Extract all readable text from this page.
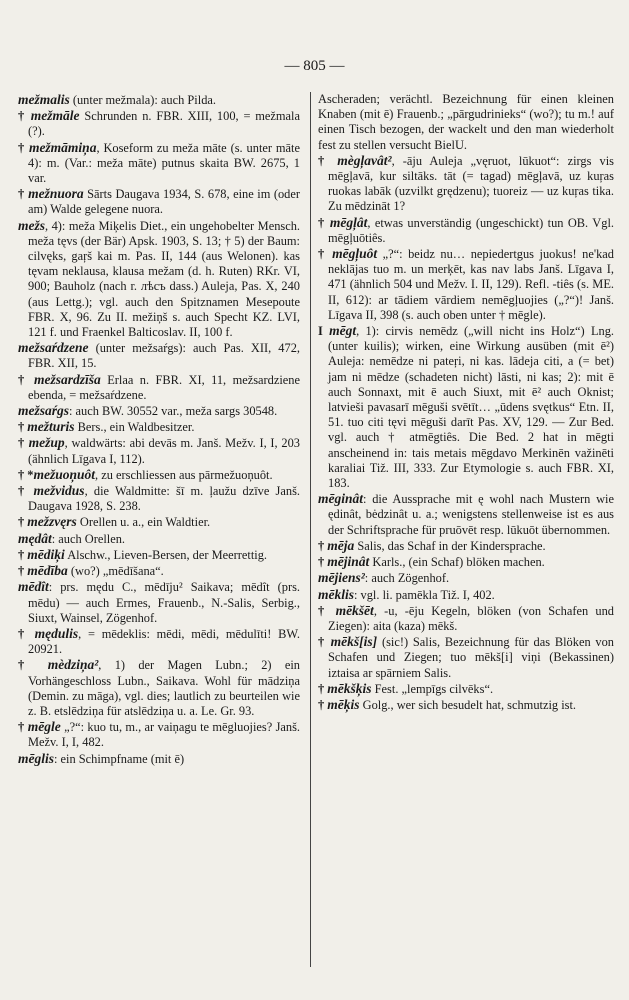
— 805 —

mežmalis (unter mežmala): auch Pilda.

† mežmāle Schrunden n. FBR. XIII, 100, = mežmala (?).

† mežmāmiņa, Koseform zu meža māte (s. unter māte 4): m. (Var.: meža māte) putnus skaita BW. 2675, 1 var.

† mežnuora Sārts Daugava 1934, S. 678, eine im (oder am) Walde gelegene nuora.

mežs, 4): meža Miķelis Diet., ein ungehobelter Mensch. meža tęvs (der Bär) Apsk. 1903, S. 13; † 5) der Baum: cilvęks, gaŗš kai m. Pas. II, 144 (aus Welonen). kas tęvam neklausa, klausa mežam (d. h. Ruten) RKr. VI, 900; Bauholz (nach r. лѣсъ dass.) Auleja, Pas. X, 240 (aus Lettg.); vgl. auch den Spitznamen Mesepoute FBR. X, 96. Zu II. mežiņš s. auch Specht KZ. LVI, 121 f. und Fraenkel Balticoslav. II, 100 f.

mežsaŕdzene (unter mežsaŕgs): auch Pas. XII, 472, FBR. XII, 15.

† mežsardzīša Erlaa n. FBR. XI, 11, mežsardziene ebenda, = mežsaŕdzene.

mežsaŕgs: auch BW. 30552 var., meža sargs 30548.

† mežturis Bers., ein Waldbesitzer.

† mežup, waldwärts: abi devās m. Janš. Mežv. I, I, 203 (ähnlich Līgava I, 112).

† *mežuoņuôt, zu erschliessen aus pārmežuoņuôt.

† mežvidus, die Waldmitte: šī m. ļaužu dzīve Janš. Daugava 1928, S. 238.

† mežzvęrs Orellen u. a., ein Waldtier.

mędât: auch Orellen.

† mēdiķi Alschw., Lieven-Bersen, der Meerrettig.

† mēdība (wo?) „mēdīšana“.

mēdît: prs. mędu C., mēdīju² Saikava; mēdît (prs. mēdu) — auch Ermes, Frauenb., N.-Salis, Serbig., Siuxt, Wainsel, Zögenhof.

† mędulis, = mēdeklis: mēdi, mēdi, mēdulīti! BW. 20921.

† mèdziņa², 1) der Magen Lubn.; 2) ein Vorhängeschloss Lubn., Saikava. Wohl für mādziņa (Demin. zu māga), vgl. dies; lautlich zu beurteilen wie z. B. etslēdziņa für atslēdziņa u. a. Le. Gr. 93.

† mēgle „?“: kuo tu, m., ar vaiņagu te mēgluojies? Janš. Mežv. I, I, 482.

mēglis: ein Schimpfname (mit ē)

Ascheraden; verächtl. Bezeichnung für einen kleinen Knaben (mit ē) Frauenb.; „pārgudrinieks“ (wo?); tu m.! auf einen Tisch bezogen, der wackelt und den man wiederholt fest zu stellen versucht BielU.

† mègļavât², -āju Auleja „vęruot, lūkuot“: zirgs vis mēgļavā, kur siltāks. tāt (= tagad) mēgļavā, uz kuŗas ruokas labāk (uzvilkt grędzenu); tuoreiz — uz kuŗas tika. Zu mēdzināt 1?

† mēgļât, etwas unverständig (ungeschickt) tun OB. Vgl. mēgļuōtiês.

† mēgļuôt „?“: beidz nu… nepiedertgus juokus! ne'kad neklājas tuo m. un merķēt, kas nav labs Janš. Līgava I, 471 (ähnlich 504 und Mežv. I. II, 129). Refl. -tiês (s. ME. II, 612): ar tādiem vārdiem nemēgļuojies („?“)! Janš. Līgava II, 398 (s. auch oben unter † mēgle).

I mēgt, 1): cirvis nemēdz („will nicht ins Holz“) Lng. (unter kuilis); wirken, eine Wirkung ausüben (mit ē²) Auleja: nemēdze ni pateŗi, ni kas. lādeja citi, a (= bet) jam ni mēdze (schadeten nicht) lāsti, ni kas; 2): mit ē auch Sonnaxt, mit ē auch Siuxt, mit ē² auch Oknist; latvieši pavasarī mēguši svētīt… „ūdens svętkus“ Etn. II, 51. tuo citi tęvi mēguši darīt Pas. XV, 129. — Zur Bed. vgl. auch † atmēgtiês. Die Bed. 2 hat in mēgti anscheinend in: tais metais mēgdavo Merkinēn važinēti karaliai Tiž. III, 333. Zur Etymologie s. auch FBR. XI, 183.

mēginât: die Aussprache mit ę wohl nach Mustern wie ędinât, bėdzinât u. a.; wenigstens stellenweise ist es aus der Schriftsprache für pruōvēt resp. lūkuōt übernommen.

† mēja Salis, das Schaf in der Kindersprache.

† mējinât Karls., (ein Schaf) blöken machen.

mējiens²: auch Zögenhof.

mēklis: vgl. li. pamēkla Tiž. I, 402.

† mēkšēt, -u, -ēju Kegeln, blöken (von Schafen und Ziegen): aita (kaza) mēkš.

† mēkš[is] (sic!) Salis, Bezeichnung für das Blöken von Schafen und Ziegen; tuo mēkš[i] viņi (Bekassinen) iztaisa ar spārniem Salis.

† mēkšķis Fest. „lempīgs cilvēks“.

† mēķis Golg., wer sich besudelt hat, schmutzig ist.
